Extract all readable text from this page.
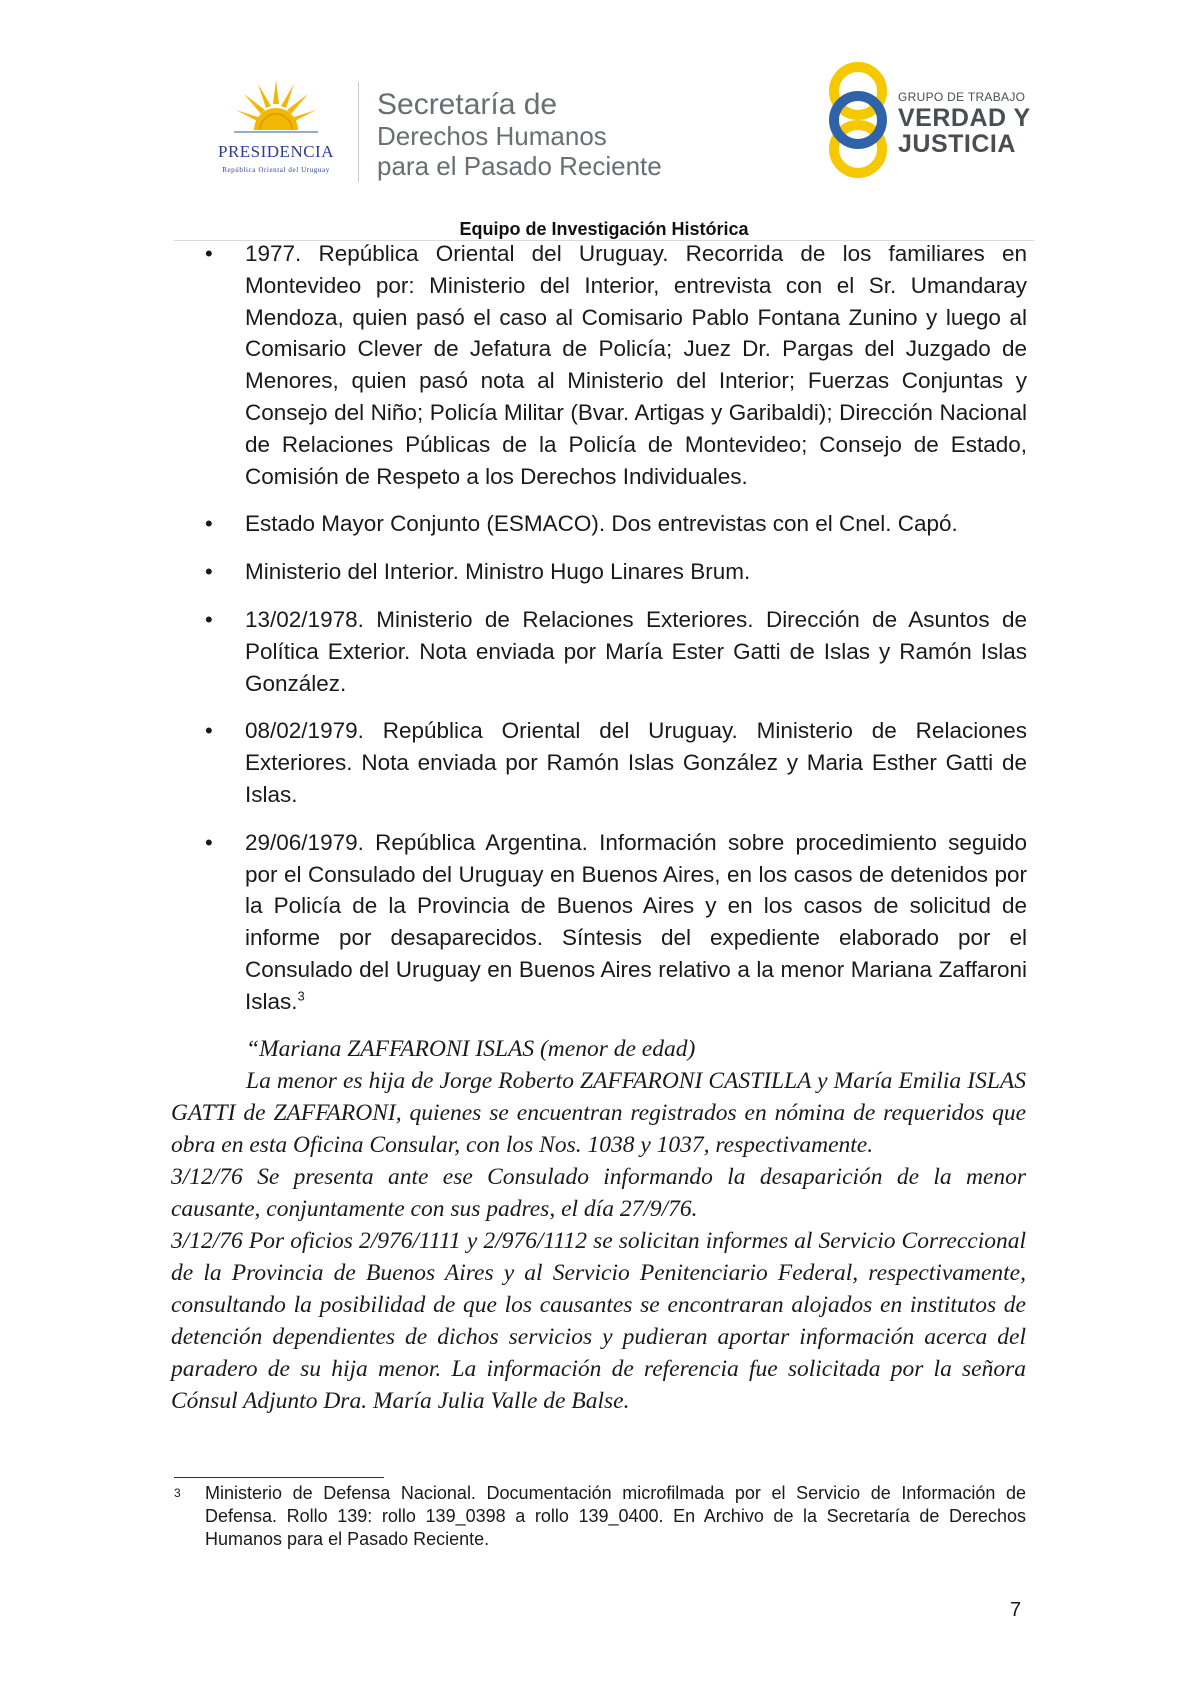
PRESIDENCIA
República Oriental del Uruguay
Secretaría de
Derechos Humanos
para el Pasado Reciente
GRUPO DE TRABAJO
VERDAD Y
JUSTICIA
Equipo de Investigación Histórica
• 1977. República Oriental del Uruguay. Recorrida de los familiares en Montevideo por: Ministerio del Interior, entrevista con el Sr. Umandaray Mendoza, quien pasó el caso al Comisario Pablo Fontana Zunino y luego al Comisario Clever de Jefatura de Policía; Juez Dr. Pargas del Juzgado de Menores, quien pasó nota al Ministerio del Interior; Fuerzas Conjuntas y Consejo del Niño; Policía Militar (Bvar. Artigas y Garibaldi); Dirección Nacional de Relaciones Públicas de la Policía de Montevideo; Consejo de Estado, Comisión de Respeto a los Derechos Individuales.
• Estado Mayor Conjunto (ESMACO). Dos entrevistas con el Cnel. Capó.
• Ministerio del Interior. Ministro Hugo Linares Brum.
• 13/02/1978. Ministerio de Relaciones Exteriores. Dirección de Asuntos de Política Exterior. Nota enviada por María Ester Gatti de Islas y Ramón Islas González.
• 08/02/1979. República Oriental del Uruguay. Ministerio de Relaciones Exteriores. Nota enviada por Ramón Islas González y Maria Esther Gatti de Islas.
• 29/06/1979. República Argentina. Información sobre procedimiento seguido por el Consulado del Uruguay en Buenos Aires, en los casos de detenidos por la Policía de la Provincia de Buenos Aires y en los casos de solicitud de informe por desaparecidos. Síntesis del expediente elaborado por el Consulado del Uruguay en Buenos Aires relativo a la menor Mariana Zaffaroni Islas.$^3$

“Mariana ZAFFARONI ISLAS (menor de edad)

La menor es hija de Jorge Roberto ZAFFARONI CASTILLA y María Emilia ISLAS GATTI de ZAFFARONI, quienes se encuentran registrados en nómina de requeridos que obra en esta Oficina Consular, con los Nos. 1038 y 1037, respectivamente.

3/12/76 Se presenta ante ese Consulado informando la desaparición de la menor causante, conjuntamente con sus padres, el día 27/9/76.

3/12/76 Por oficios 2/976/1111 y 2/976/1112 se solicitan informes al Servicio Correccional de la Provincia de Buenos Aires y al Servicio Penitenciario Federal, respectivamente, consultando la posibilidad de que los causantes se encontraran alojados en institutos de detención dependientes de dichos servicios y pudieran aportar información acerca del paradero de su hija menor. La información de referencia fue solicitada por la señora Cónsul Adjunto Dra. María Julia Valle de Balse.

3 Ministerio de Defensa Nacional. Documentación microfilmada por el Servicio de Información de Defensa. Rollo 139: rollo 139_0398 a rollo 139_0400. En Archivo de la Secretaría de Derechos Humanos para el Pasado Reciente.
7
